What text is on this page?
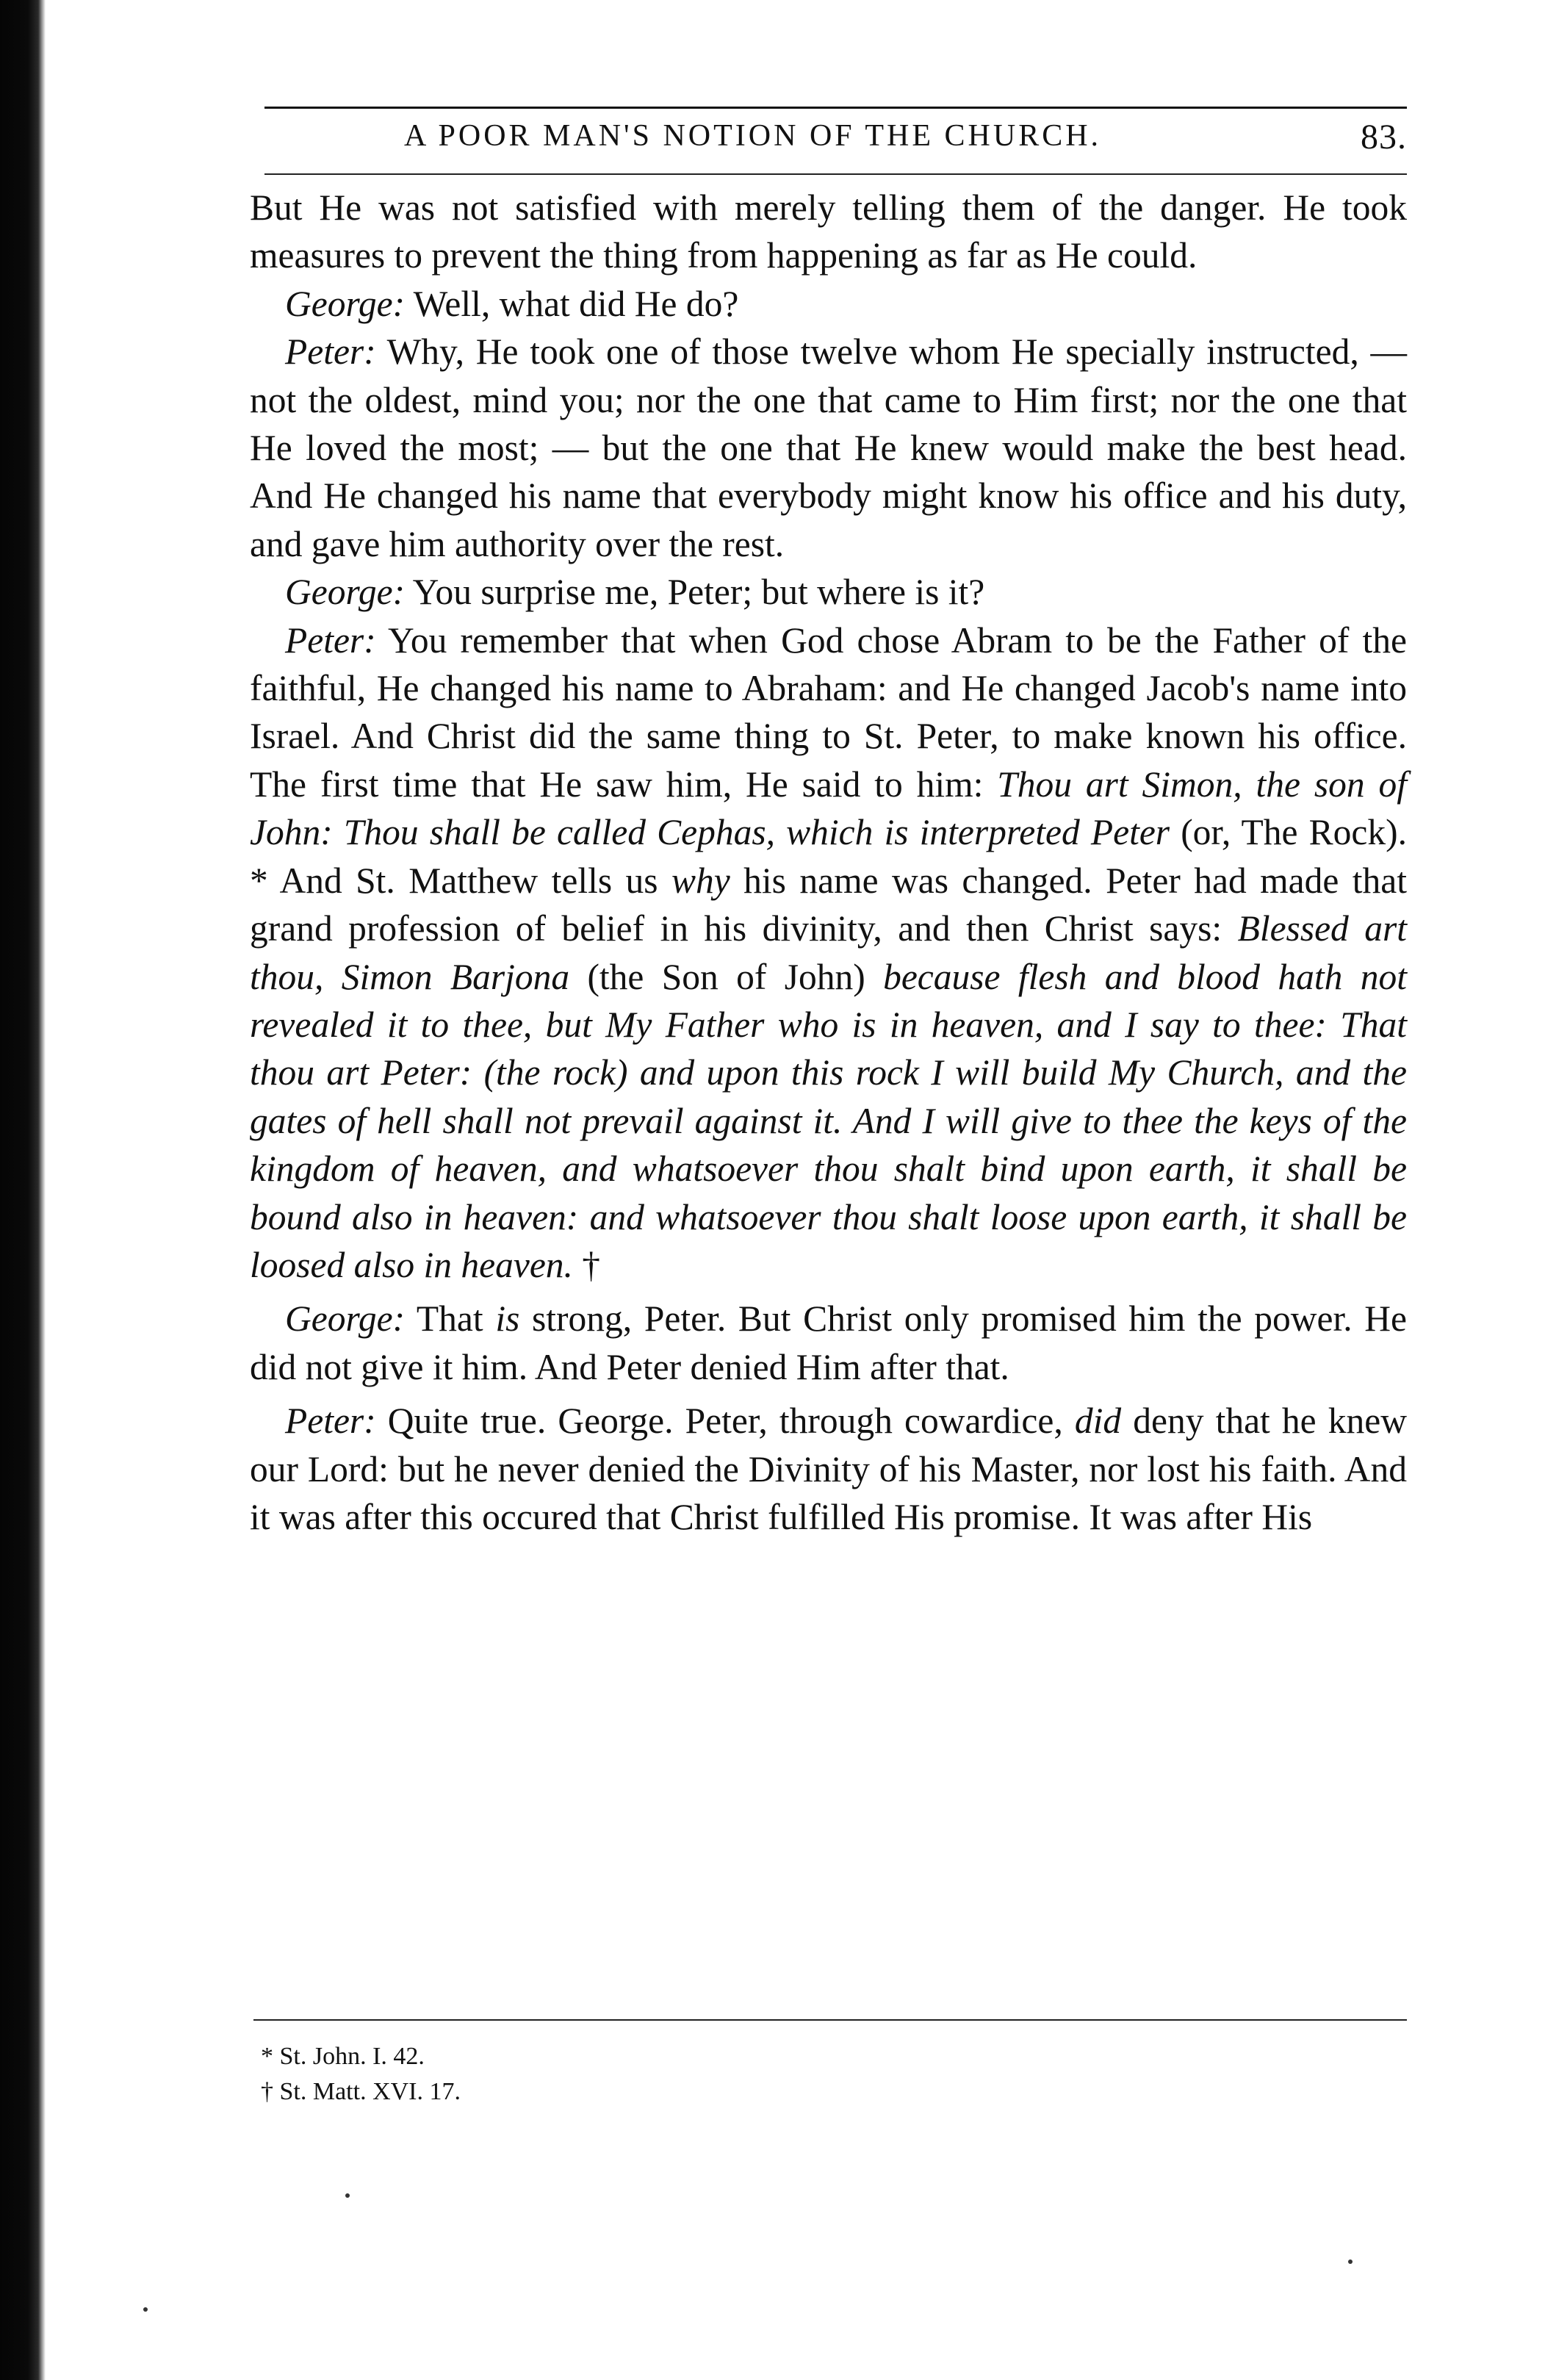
A POOR MAN'S NOTION OF THE CHURCH.	83.

But He was not satisfied with merely telling them of the danger. He took measures to prevent the thing from happening as far as He could.

George: Well, what did He do?

Peter: Why, He took one of those twelve whom He specially instructed, — not the oldest, mind you; nor the one that came to Him first; nor the one that He loved the most; — but the one that He knew would make the best head. And He changed his name that everybody might know his office and his duty, and gave him authority over the rest.

George: You surprise me, Peter; but where is it?

Peter: You remember that when God chose Abram to be the Father of the faithful, He changed his name to Abraham: and He changed Jacob's name into Israel. And Christ did the same thing to St. Peter, to make known his office. The first time that He saw him, He said to him: Thou art Simon, the son of John: Thou shall be called Cephas, which is interpreted Peter (or, The Rock). * And St. Matthew tells us why his name was changed. Peter had made that grand profession of belief in his divinity, and then Christ says: Blessed art thou, Simon Barjona (the Son of John) because flesh and blood hath not revealed it to thee, but My Father who is in heaven, and I say to thee: That thou art Peter: (the rock) and upon this rock I will build My Church, and the gates of hell shall not prevail against it. And I will give to thee the keys of the kingdom of heaven, and whatsoever thou shalt bind upon earth, it shall be bound also in heaven: and whatsoever thou shalt loose upon earth, it shall be loosed also in heaven. †

George: That is strong, Peter. But Christ only promised him the power. He did not give it him. And Peter denied Him after that.

Peter: Quite true. George. Peter, through cowardice, did deny that he knew our Lord: but he never denied the Divinity of his Master, nor lost his faith. And it was after this occured that Christ fulfilled His promise. It was after His

* St. John. I. 42.
† St. Matt. XVI. 17.
